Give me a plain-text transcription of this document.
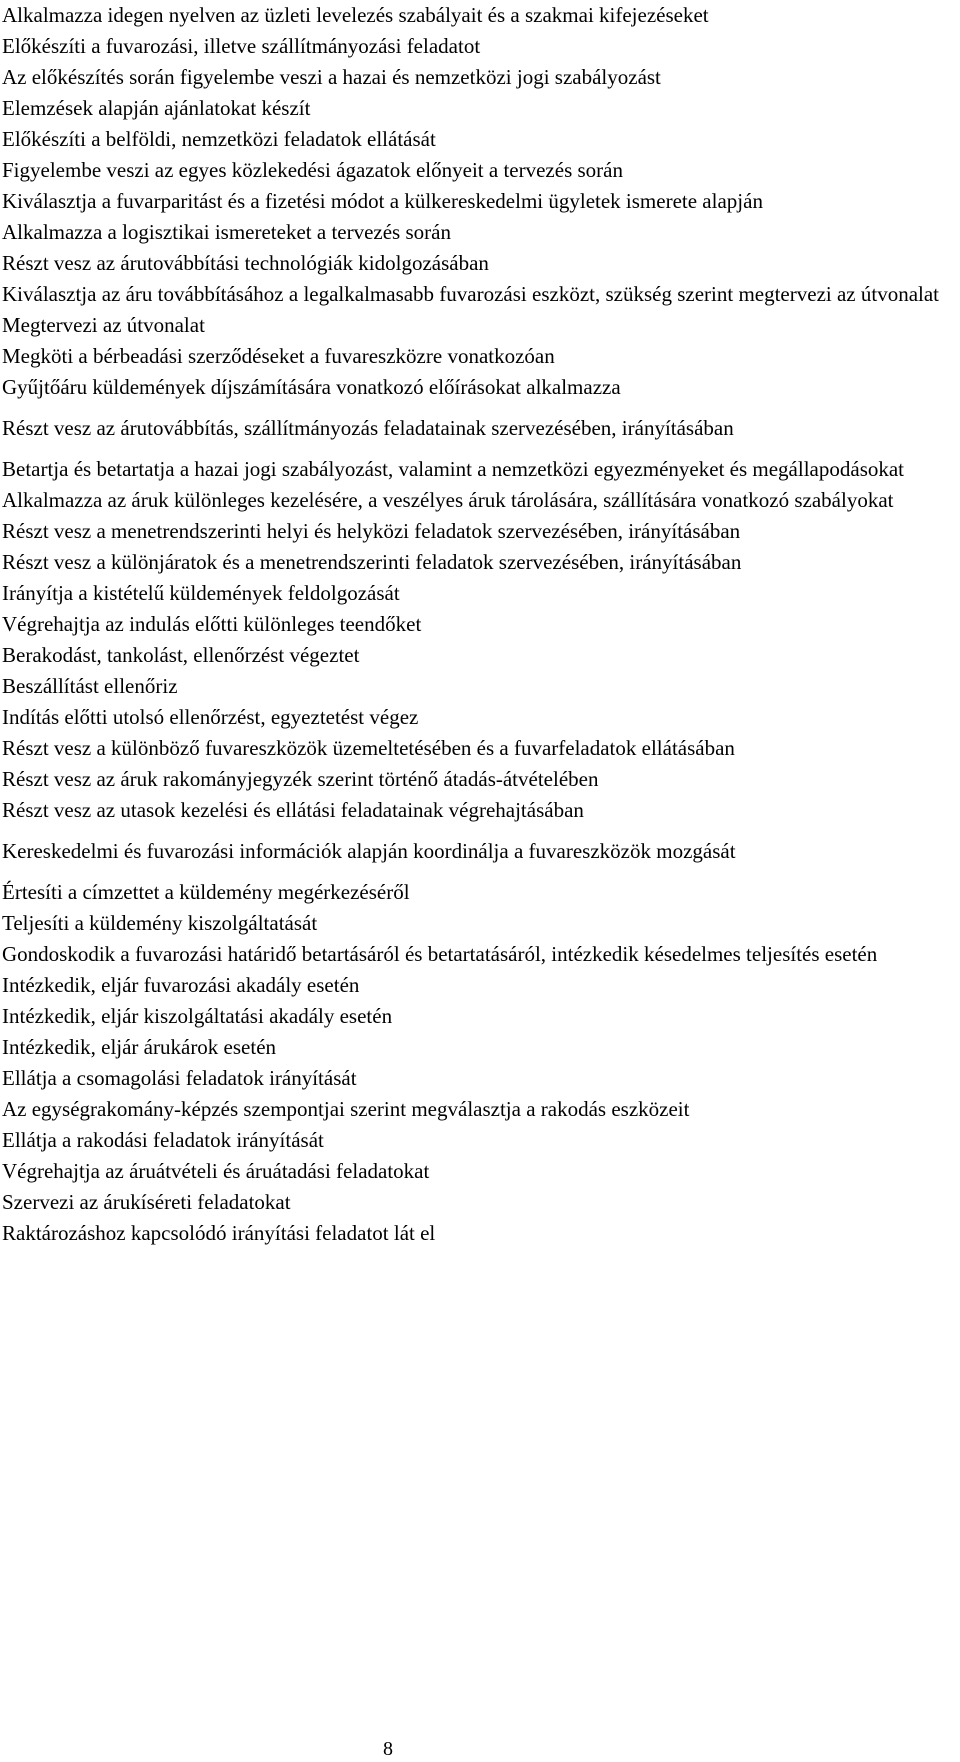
Alkalmazza idegen nyelven az üzleti levelezés szabályait és a szakmai kifejezéseket
Előkészíti a fuvarozási, illetve szállítmányozási feladatot
Az előkészítés során figyelembe veszi a hazai és nemzetközi jogi szabályozást
Elemzések alapján ajánlatokat készít
Előkészíti a belföldi, nemzetközi feladatok ellátását
Figyelembe veszi az egyes közlekedési ágazatok előnyeit a tervezés során
Kiválasztja a fuvarparitást és a fizetési módot a külkereskedelmi ügyletek ismerete alapján
Alkalmazza a logisztikai ismereteket a tervezés során
Részt vesz az árutovábbítási technológiák kidolgozásában
Kiválasztja az áru továbbításához a legalkalmasabb fuvarozási eszközt, szükség szerint megtervezi az útvonalat
Megtervezi az útvonalat
Megköti a bérbeadási szerződéseket a fuvareszközre vonatkozóan
Gyűjtőáru küldemények díjszámítására vonatkozó előírásokat alkalmazza
Részt vesz az árutovábbítás, szállítmányozás feladatainak szervezésében, irányításában
Betartja és betartatja a hazai jogi szabályozást, valamint a nemzetközi egyezményeket és megállapodásokat
Alkalmazza az áruk különleges kezelésére, a veszélyes áruk tárolására, szállítására vonatkozó szabályokat
Részt vesz a menetrendszerinti helyi és helyközi feladatok szervezésében, irányításában
Részt vesz a különjáratok és a menetrendszerinti feladatok szervezésében, irányításában
Irányítja a kistételű küldemények feldolgozását
Végrehajtja az indulás előtti különleges teendőket
Berakodást, tankolást, ellenőrzést végeztet
Beszállítást ellenőriz
Indítás előtti utolsó ellenőrzést, egyeztetést végez
Részt vesz a különböző fuvareszközök üzemeltetésében és a fuvarfeladatok ellátásában
Részt vesz az áruk rakományjegyzék szerint történő átadás-átvételében
Részt vesz az utasok kezelési és ellátási feladatainak végrehajtásában
Kereskedelmi és fuvarozási információk alapján koordinálja a fuvareszközök mozgását
Értesíti a címzettet a küldemény megérkezéséről
Teljesíti a küldemény kiszolgáltatását
Gondoskodik a fuvarozási határidő betartásáról és betartatásáról, intézkedik késedelmes teljesítés esetén
Intézkedik, eljár fuvarozási akadály esetén
Intézkedik, eljár kiszolgáltatási akadály esetén
Intézkedik, eljár árukárok esetén
Ellátja a csomagolási feladatok irányítását
Az egységrakomány-képzés szempontjai szerint megválasztja a rakodás eszközeit
Ellátja a rakodási feladatok irányítását
Végrehajtja az áruátvételi és áruátadási feladatokat
Szervezi az árukíséreti feladatokat
Raktározáshoz kapcsolódó irányítási feladatot lát el
8
